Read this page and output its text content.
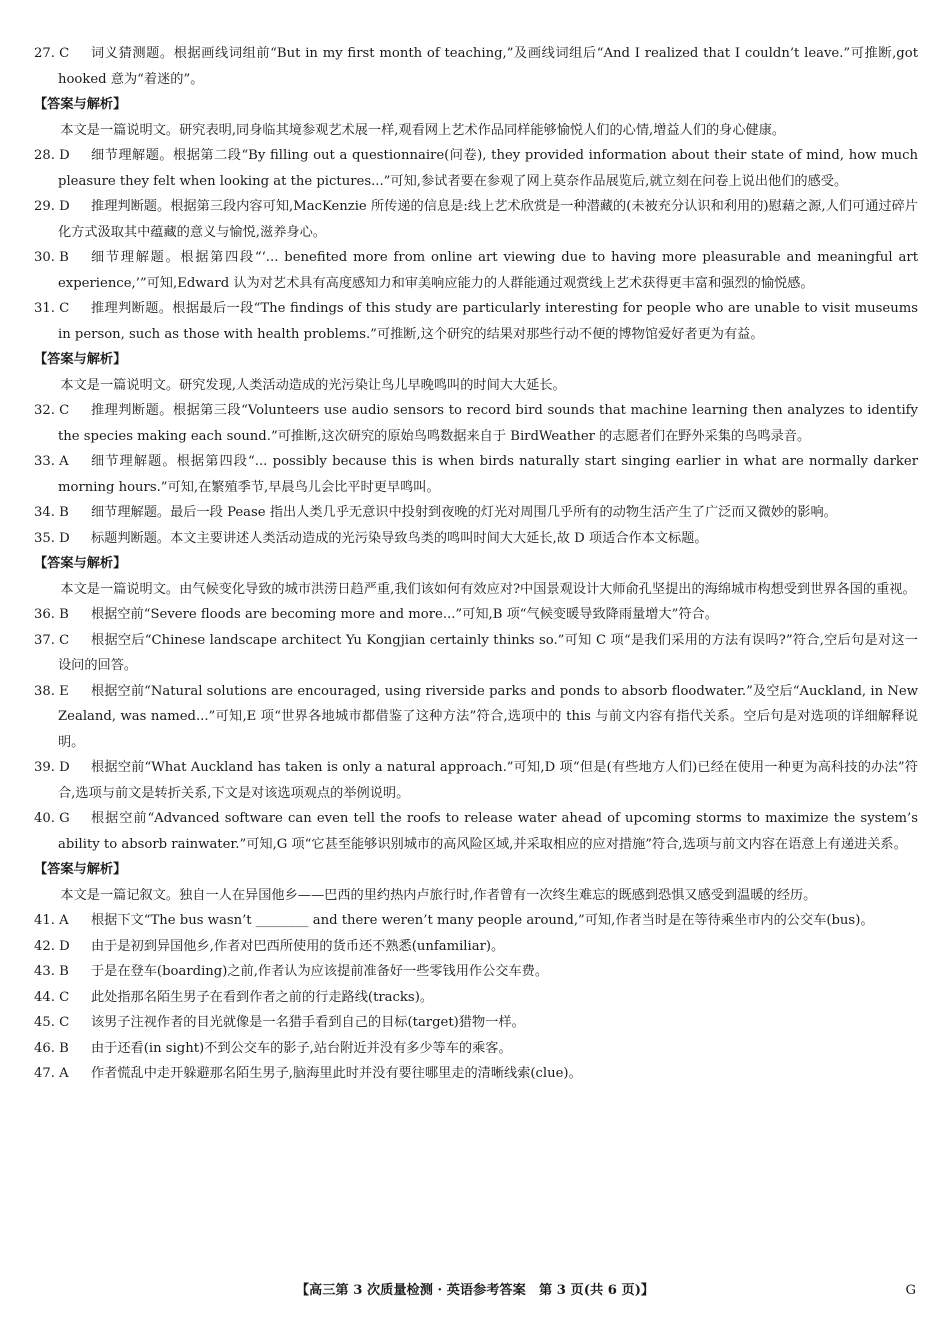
27. C	词义猜测题。根据画线词组前“But in my first month of teaching,”及画线词组后“And I realized that I couldn’t leave.”可推断,got hooked 意为“着迷的”。
【答案与解析】
本文是一篇说明文。研究表明,同身临其境参观艺术展一样,观看网上艺术作品同样能够愉悦人们的心情,增益人们的身心健康。
28. D	细节理解题。根据第二段“By filling out a questionnaire(问卷), they provided information about their state of mind, how much pleasure they felt when looking at the pictures...”可知,参试者要在参观了网上莫奈作品展览后,就立刻在问卷上说出他们的感受。
29. D	推理判断题。根据第三段内容可知,MacKenzie 所传递的信息是:线上艺术欣赏是一种潜藏的(未被充分认识和利用的)慰藉之源,人们可通过碎片化方式汲取其中蕴藏的意义与愉悦,滋养身心。
30. B	细节理解题。根据第四段“‘... benefited more from online art viewing due to having more pleasurable and meaningful art experience,’”可知,Edward 认为对艺术具有高度感知力和审美响应能力的人群能通过观赏线上艺术获得更丰富和强烈的愉悦感。
31. C	推理判断题。根据最后一段“The findings of this study are particularly interesting for people who are unable to visit museums in person, such as those with health problems.”可推断,这个研究的结果对那些行动不便的博物馆爱好者更为有益。
【答案与解析】
本文是一篇说明文。研究发现,人类活动造成的光污染让鸟儿早晚鸣叫的时间大大延长。
32. C	推理判断题。根据第三段“Volunteers use audio sensors to record bird sounds that machine learning then analyzes to identify the species making each sound.”可推断,这次研究的原始鸟鸣数据来自于 BirdWeather 的志愿者们在野外采集的鸟鸣录音。
33. A	细节理解题。根据第四段“... possibly because this is when birds naturally start singing earlier in what are normally darker morning hours.”可知,在繁殖季节,早晨鸟儿会比平时更早鸣叫。
34. B	细节理解题。最后一段 Pease 指出人类几乎无意识中投射到夜晚的灯光对周围几乎所有的动物生活产生了广泛而又微妙的影响。
35. D	标题判断题。本文主要讲述人类活动造成的光污染导致鸟类的鸣叫时间大大延长,故 D 项适合作本文标题。
【答案与解析】
本文是一篇说明文。由气候变化导致的城市洪涝日趋严重,我们该如何有效应对?中国景观设计大师俞孔坚提出的海绵城市构想受到世界各国的重视。
36. B	根据空前“Severe floods are becoming more and more...”可知,B 项“气候变暖导致降雨量增大”符合。
37. C	根据空后“Chinese landscape architect Yu Kongjian certainly thinks so.”可知 C 项“是我们采用的方法有误吗?”符合,空后句是对这一设问的回答。
38. E	根据空前“Natural solutions are encouraged, using riverside parks and ponds to absorb floodwater.”及空后“Auckland, in New Zealand, was named...”可知,E 项“世界各地城市都借鉴了这种方法”符合,选项中的 this 与前文内容有指代关系。空后句是对选项的详细解释说明。
39. D	根据空前“What Auckland has taken is only a natural approach.”可知,D 项“但是(有些地方人们)已经在使用一种更为高科技的办法”符合,选项与前文是转折关系,下文是对该选项观点的举例说明。
40. G	根据空前“Advanced software can even tell the roofs to release water ahead of upcoming storms to maximize the system’s ability to absorb rainwater.”可知,G 项“它甚至能够识别城市的高风险区域,并采取相应的应对措施”符合,选项与前文内容在语意上有递进关系。
【答案与解析】
本文是一篇记叙文。独自一人在异国他乡——巴西的里约热内卢旅行时,作者曾有一次终生难忘的既感到恐惧又感受到温暖的经历。
41. A	根据下文“The bus wasn’t ________ and there weren’t many people around,”可知,作者当时是在等待乘坐市内的公交车(bus)。
42. D	由于是初到异国他乡,作者对巴西所使用的货币还不熟悉(unfamiliar)。
43. B	于是在登车(boarding)之前,作者认为应该提前准备好一些零钱用作公交车费。
44. C	此处指那名陌生男子在看到作者之前的行走路线(tracks)。
45. C	该男子注视作者的目光就像是一名猎手看到自己的目标(target)猎物一样。
46. B	由于还看(in sight)不到公交车的影子,站台附近并没有多少等车的乘客。
47. A	作者慌乱中走开躲避那名陌生男子,脑海里此时并没有要往哪里走的清晰线索(clue)。
【高三第 3 次质量检测 · 英语参考答案　第 3 页(共 6 页)】	G
